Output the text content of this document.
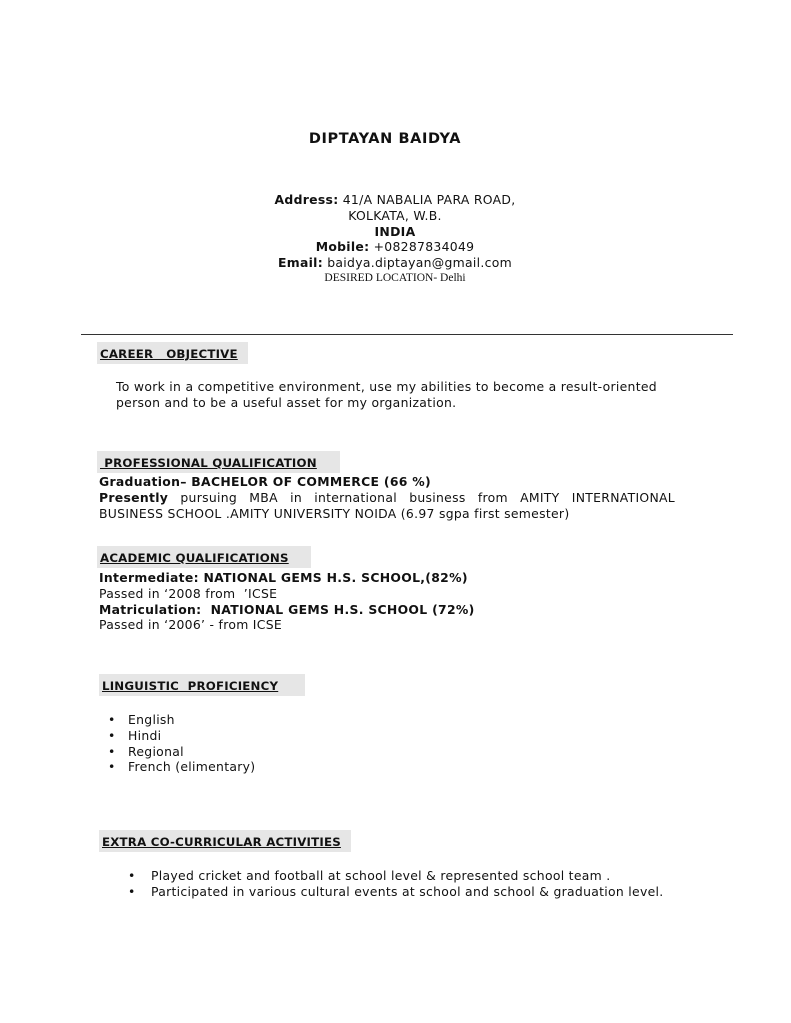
DIPTAYAN BAIDYA
Address: 41/A NABALIA PARA ROAD,
KOLKATA, W.B.
INDIA
Mobile: +08287834049
Email: baidya.diptayan@gmail.com
DESIRED LOCATION- Delhi
CAREER   OBJECTIVE
To work in a competitive environment, use my abilities to become a result-oriented
person and to be a useful asset for my organization.
PROFESSIONAL QUALIFICATION
Graduation– BACHELOR OF COMMERCE (66 %)
Presently pursuing MBA in international business from AMITY INTERNATIONAL
BUSINESS SCHOOL .AMITY UNIVERSITY NOIDA (6.97 sgpa first semester)
ACADEMIC QUALIFICATIONS
Intermediate: NATIONAL GEMS H.S. SCHOOL,(82%)
Passed in ‘2008 from  ’ICSE
Matriculation:  NATIONAL GEMS H.S. SCHOOL (72%)
Passed in ‘2006’ - from ICSE
LINGUISTIC  PROFICIENCY
• English
• Hindi
• Regional
• French (elimentary)
EXTRA CO-CURRICULAR ACTIVITIES
• Played cricket and football at school level & represented school team .
• Participated in various cultural events at school and school & graduation level.
